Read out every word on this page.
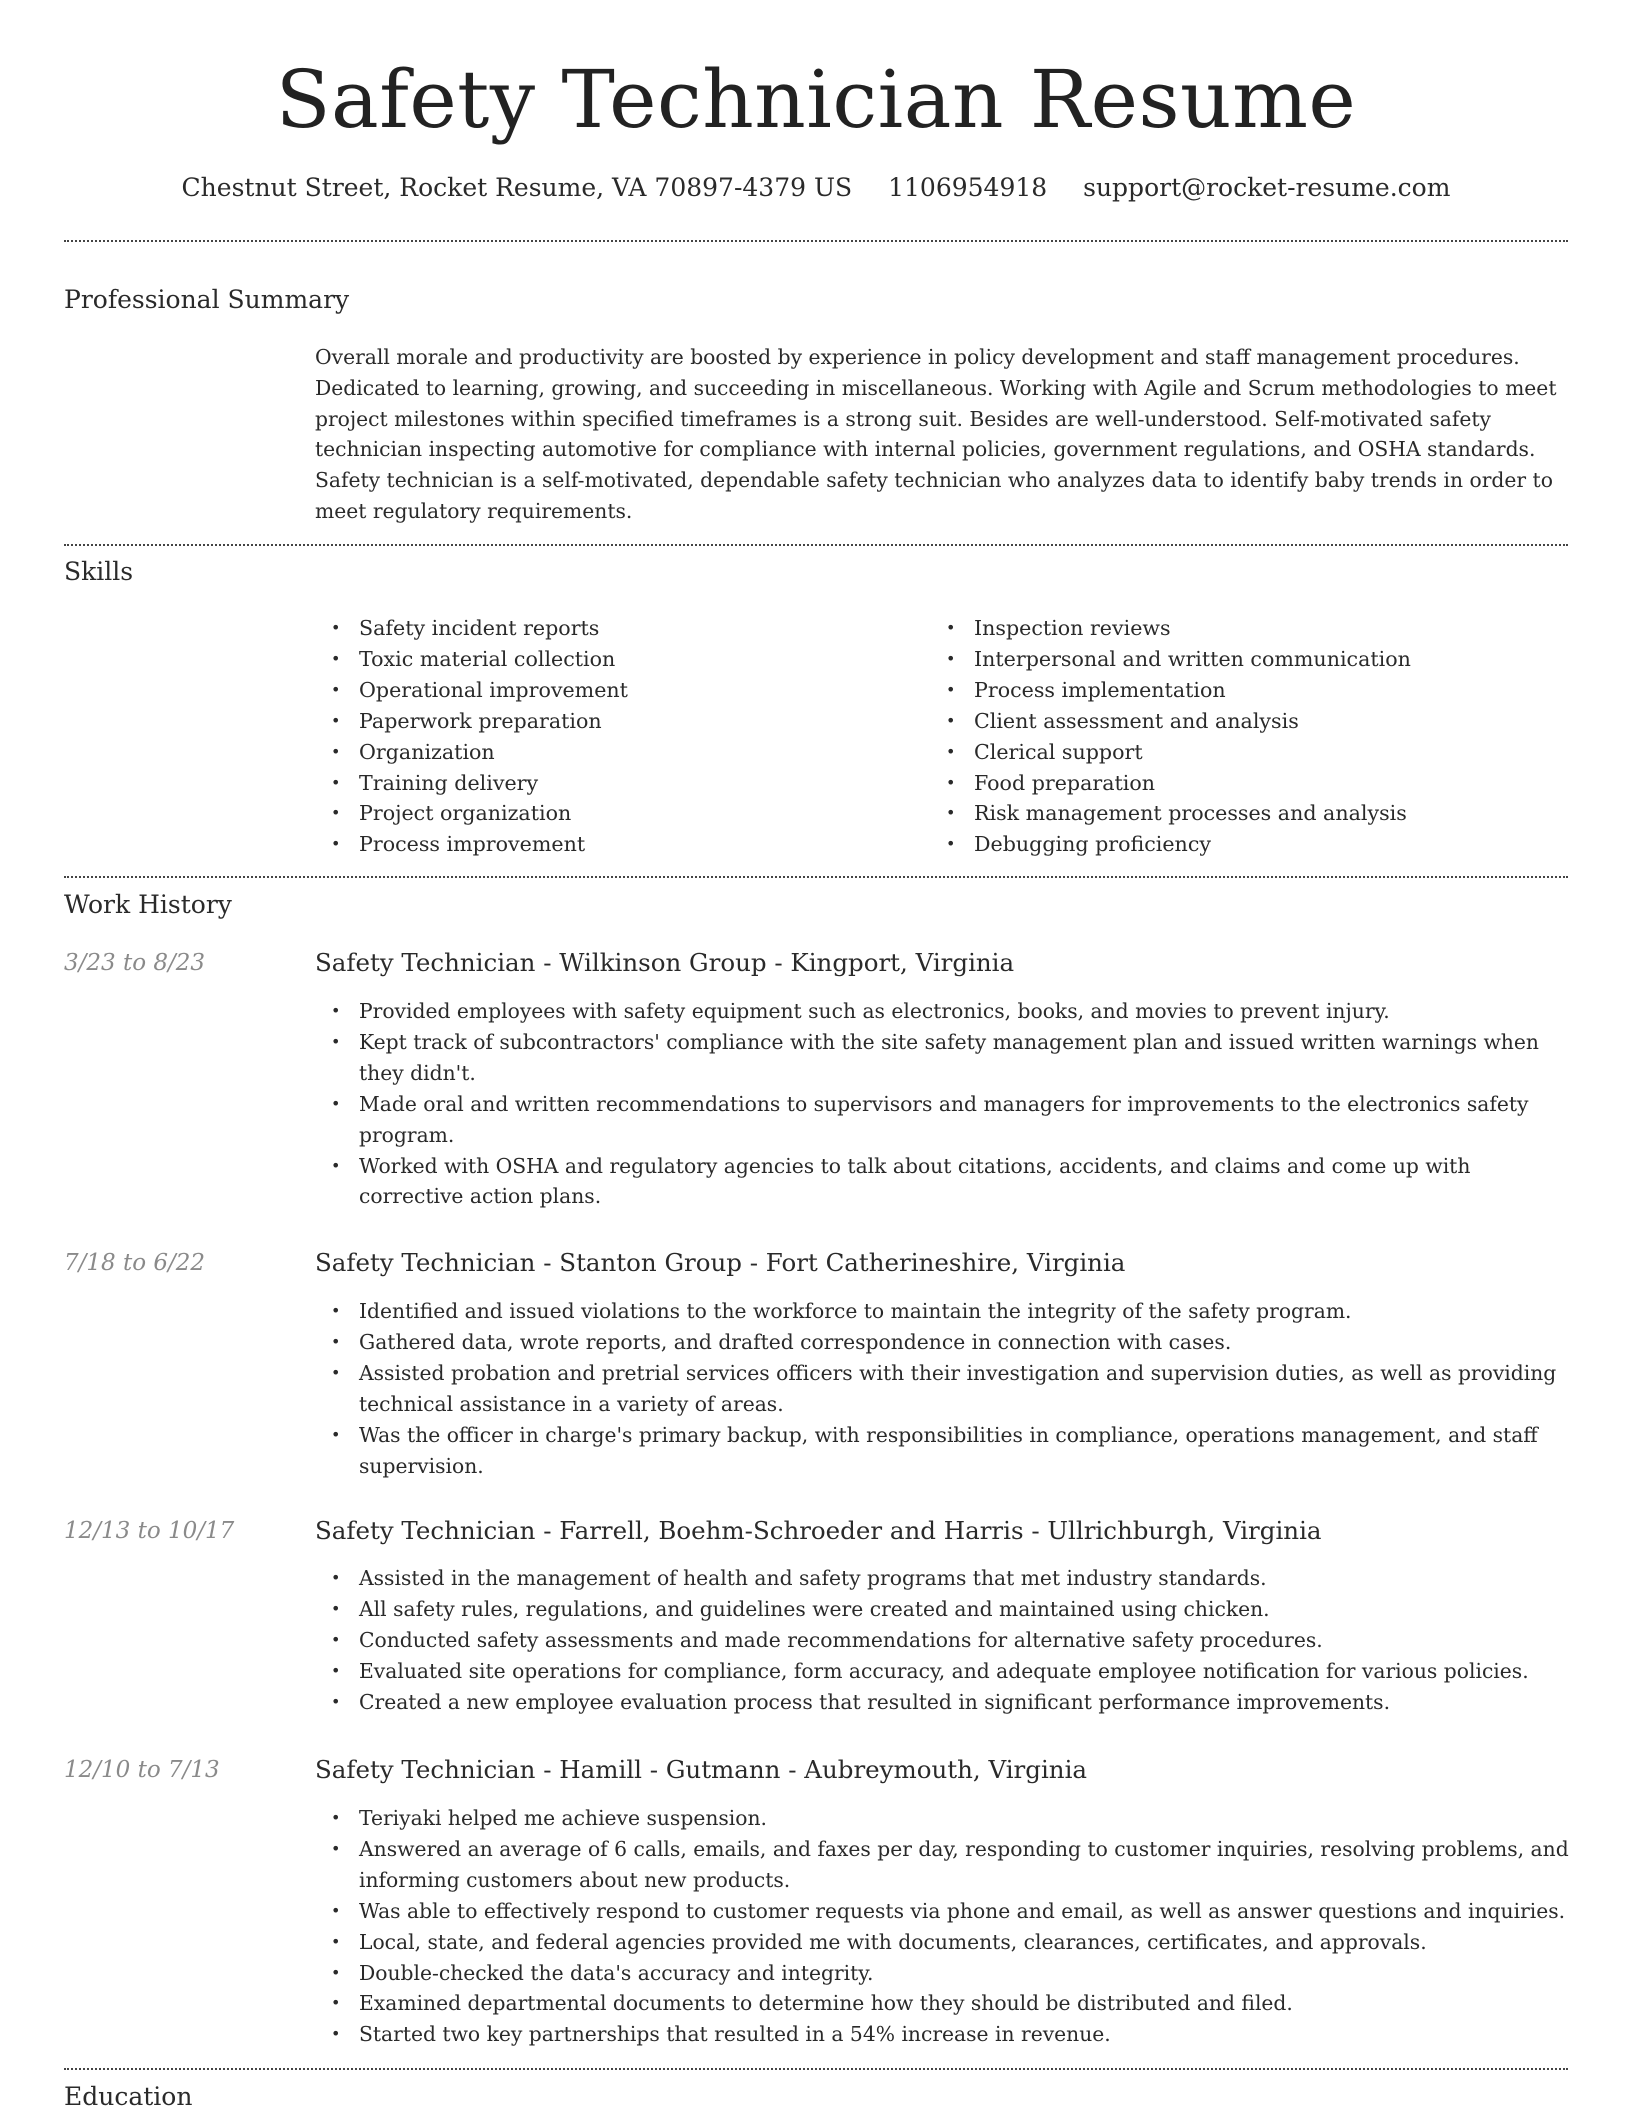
Safety Technician Resume
Chestnut Street, Rocket Resume, VA 70897-4379 US 1106954918 support@rocket-resume.com
Professional Summary

Overall morale and productivity are boosted by experience in policy development and staff management procedures. Dedicated to learning, growing, and succeeding in miscellaneous. Working with Agile and Scrum methodologies to meet project milestones within specified timeframes is a strong suit. Besides are well-understood. Self-motivated safety technician inspecting automotive for compliance with internal policies, government regulations, and OSHA standards. Safety technician is a self-motivated, dependable safety technician who analyzes data to identify baby trends in order to meet regulatory requirements.

Skills
• Safety incident reports
• Toxic material collection
• Operational improvement
• Paperwork preparation
• Organization
• Training delivery
• Project organization
• Process improvement
• Inspection reviews
• Interpersonal and written communication
• Process implementation
• Client assessment and analysis
• Clerical support
• Food preparation
• Risk management processes and analysis
• Debugging proficiency
Work History
3/23 to 8/23	Safety Technician - Wilkinson Group - Kingport, Virginia
• Provided employees with safety equipment such as electronics, books, and movies to prevent injury.
• Kept track of subcontractors' compliance with the site safety management plan and issued written warnings when they didn't.
• Made oral and written recommendations to supervisors and managers for improvements to the electronics safety program.
• Worked with OSHA and regulatory agencies to talk about citations, accidents, and claims and come up with corrective action plans.
7/18 to 6/22	Safety Technician - Stanton Group - Fort Catherineshire, Virginia
• Identified and issued violations to the workforce to maintain the integrity of the safety program.
• Gathered data, wrote reports, and drafted correspondence in connection with cases.
• Assisted probation and pretrial services officers with their investigation and supervision duties, as well as providing technical assistance in a variety of areas.
• Was the officer in charge's primary backup, with responsibilities in compliance, operations management, and staff supervision.
12/13 to 10/17	Safety Technician - Farrell, Boehm-Schroeder and Harris - Ullrichburgh, Virginia
• Assisted in the management of health and safety programs that met industry standards.
• All safety rules, regulations, and guidelines were created and maintained using chicken.
• Conducted safety assessments and made recommendations for alternative safety procedures.
• Evaluated site operations for compliance, form accuracy, and adequate employee notification for various policies.
• Created a new employee evaluation process that resulted in significant performance improvements.
12/10 to 7/13	Safety Technician - Hamill - Gutmann - Aubreymouth, Virginia
• Teriyaki helped me achieve suspension.
• Answered an average of 6 calls, emails, and faxes per day, responding to customer inquiries, resolving problems, and informing customers about new products.
• Was able to effectively respond to customer requests via phone and email, as well as answer questions and inquiries.
• Local, state, and federal agencies provided me with documents, clearances, certificates, and approvals.
• Double-checked the data's accuracy and integrity.
• Examined departmental documents to determine how they should be distributed and filed.
• Started two key partnerships that resulted in a 54% increase in revenue.
Education
